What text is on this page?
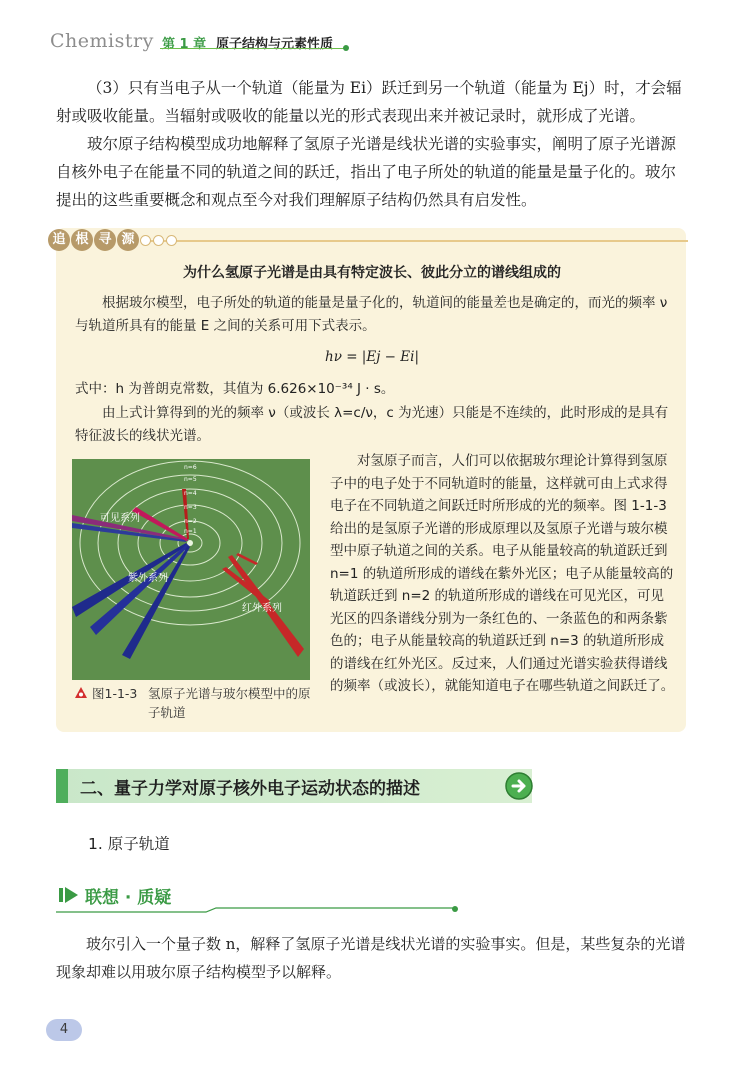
Chemistry 第 1 章 原子结构与元素性质
（3）只有当电子从一个轨道（能量为 Ei）跃迁到另一个轨道（能量为 Ej）时，才会辐射或吸收能量。当辐射或吸收的能量以光的形式表现出来并被记录时，就形成了光谱。
玻尔原子结构模型成功地解释了氢原子光谱是线状光谱的实验事实，阐明了原子光谱源自核外电子在能量不同的轨道之间的跃迁，指出了电子所处的轨道的能量是量子化的。玻尔提出的这些重要概念和观点至今对我们理解原子结构仍然具有启发性。
追 根 寻 源
为什么氢原子光谱是由具有特定波长、彼此分立的谱线组成的
根据玻尔模型，电子所处的轨道的能量是量子化的，轨道间的能量差也是确定的，而光的频率 ν 与轨道所具有的能量 E 之间的关系可用下式表示。
hν = |Ej − Ei|
式中：h 为普朗克常数，其值为 6.626×10⁻³⁴ J · s。
由上式计算得到的光的频率 ν（或波长 λ=c/ν，c 为光速）只能是不连续的，此时形成的是具有特征波长的线状光谱。
对氢原子而言，人们可以依据玻尔理论计算得到氢原子中的电子处于不同轨道时的能量，这样就可由上式求得电子在不同轨道之间跃迁时所形成的光的频率。图 1-1-3 给出的是氢原子光谱的形成原理以及氢原子光谱与玻尔模型中原子轨道之间的关系。电子从能量较高的轨道跃迁到 n=1 的轨道所形成的谱线在紫外光区；电子从能量较高的轨道跃迁到 n=2 的轨道所形成的谱线在可见光区，可见光区的四条谱线分别为一条红色的、一条蓝色的和两条紫色的；电子从能量较高的轨道跃迁到 n=3 的轨道所形成的谱线在红外光区。反过来，人们通过光谱实验获得谱线的频率（或波长），就能知道电子在哪些轨道之间跃迁了。
n=6
n=5
n=4
n=3
n=2
n=1
可见系列
紫外系列
红外系列
图1-1-3 氢原子光谱与玻尔模型中的原子轨道
二、量子力学对原子核外电子运动状态的描述
1. 原子轨道
联想 · 质疑
玻尔引入一个量子数 n，解释了氢原子光谱是线状光谱的实验事实。但是，某些复杂的光谱现象却难以用玻尔原子结构模型予以解释。
4
